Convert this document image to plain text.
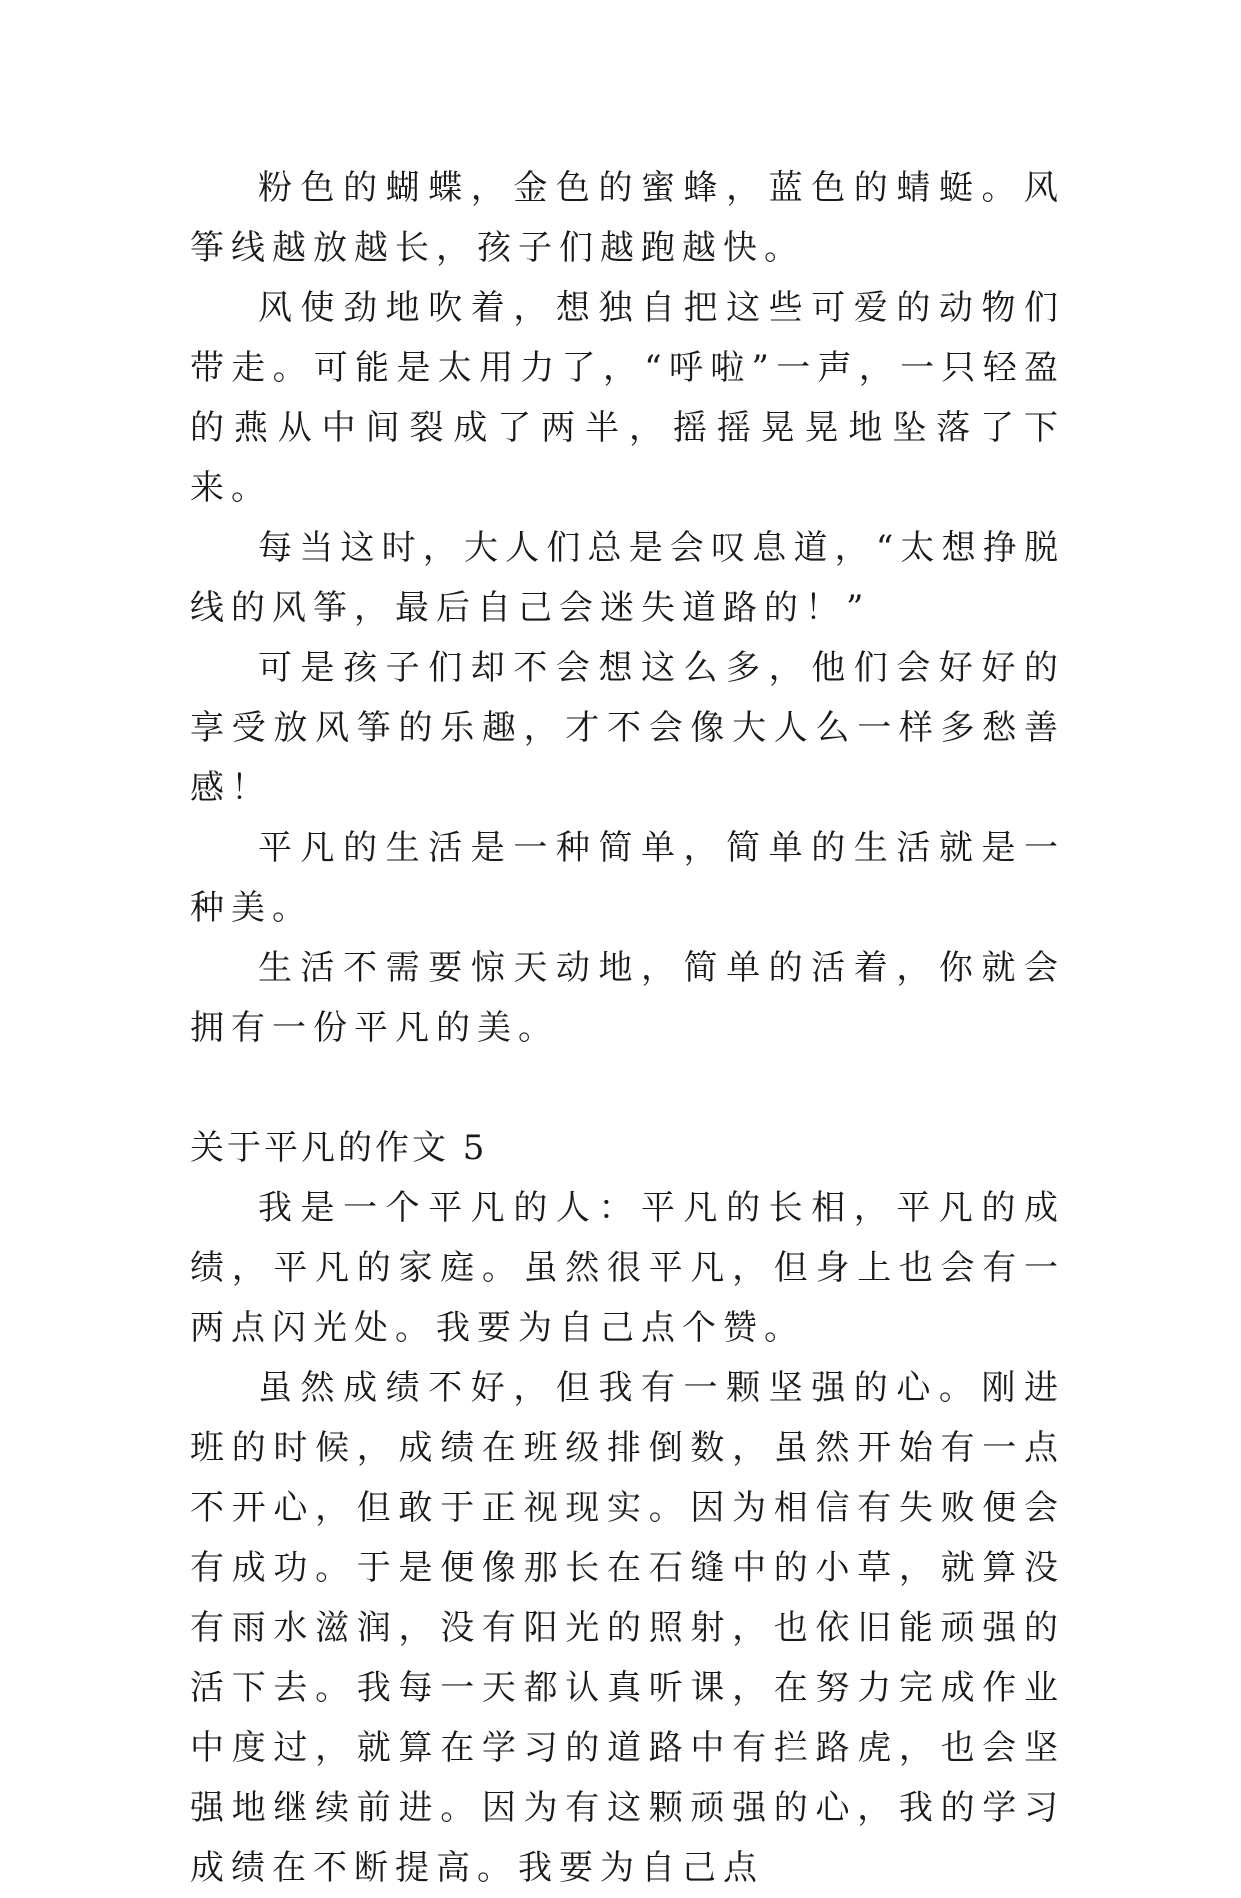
粉色的蝴蝶，金色的蜜蜂，蓝色的蜻蜓。风筝线越放越长，孩子们越跑越快。

风使劲地吹着，想独自把这些可爱的动物们带走。可能是太用力了，“呼啦”一声，一只轻盈的燕从中间裂成了两半，摇摇晃晃地坠落了下来。

每当这时，大人们总是会叹息道，“太想挣脱线的风筝，最后自己会迷失道路的！”

可是孩子们却不会想这么多，他们会好好的享受放风筝的乐趣，才不会像大人么一样多愁善感！

平凡的生活是一种简单，简单的生活就是一种美。

生活不需要惊天动地，简单的活着，你就会拥有一份平凡的美。

关于平凡的作文 5

我是一个平凡的人：平凡的长相，平凡的成绩，平凡的家庭。虽然很平凡，但身上也会有一两点闪光处。我要为自己点个赞。

虽然成绩不好，但我有一颗坚强的心。刚进班的时候，成绩在班级排倒数，虽然开始有一点不开心，但敢于正视现实。因为相信有失败便会有成功。于是便像那长在石缝中的小草，就算没有雨水滋润，没有阳光的照射，也依旧能顽强的活下去。我每一天都认真听课，在努力完成作业中度过，就算在学习的道路中有拦路虎，也会坚强地继续前进。因为有这颗顽强的心，我的学习成绩在不断提高。我要为自己点
